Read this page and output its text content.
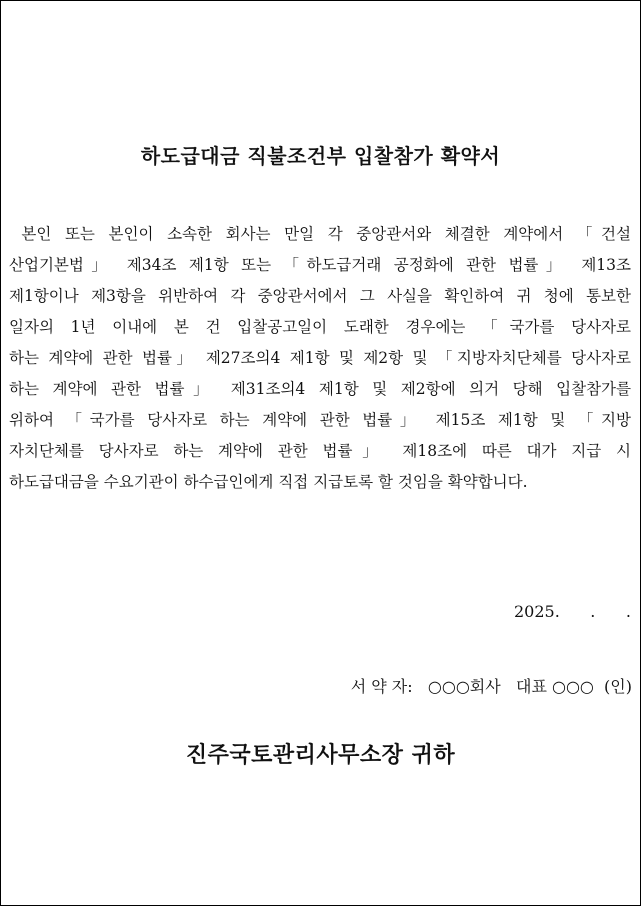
하도급대금 직불조건부 입찰참가 확약서
본인 또는 본인이 소속한 회사는 만일 각 중앙관서와 체결한 계약에서 「건설
산업기본법」 제34조 제1항 또는 「하도급거래 공정화에 관한 법률」 제13조
제1항이나 제3항을 위반하여 각 중앙관서에서 그 사실을 확인하여 귀 청에 통보한
일자의 1년 이내에 본 건 입찰공고일이 도래한 경우에는 「국가를 당사자로
하는 계약에 관한 법률」 제27조의4 제1항 및 제2항 및 「지방자치단체를 당사자로
하는 계약에 관한 법률」 제31조의4 제1항 및 제2항에 의거 당해 입찰참가를
위하여 「국가를 당사자로 하는 계약에 관한 법률」 제15조 제1항 및 「지방
자치단체를 당사자로 하는 계약에 관한 법률」 제18조에 따른 대가 지급 시
하도급대금을 수요기관이 하수급인에게 직접 지급토록 할 것임을 확약합니다.
2025.      .      .
서 약 자: ○○○회사 대표 ○○○ (인)
진주국토관리사무소장 귀하
